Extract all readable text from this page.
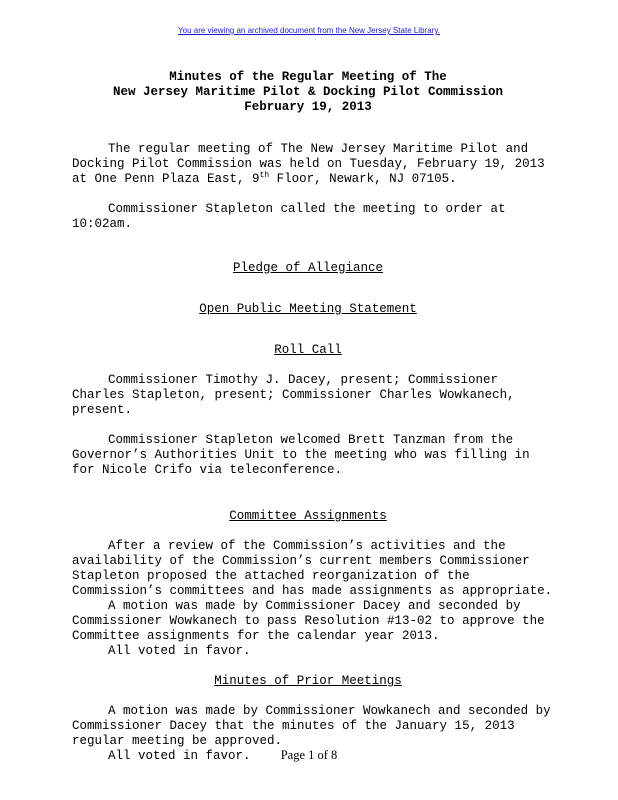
You are viewing an archived document from the New Jersey State Library.
Minutes of the Regular Meeting of The
New Jersey Maritime Pilot & Docking Pilot Commission
February 19, 2013
The regular meeting of The New Jersey Maritime Pilot and
Docking Pilot Commission was held on Tuesday, February 19, 2013
at One Penn Plaza East, 9th Floor, Newark, NJ 07105.
Commissioner Stapleton called the meeting to order at
10:02am.
Pledge of Allegiance
Open Public Meeting Statement
Roll Call
Commissioner Timothy J. Dacey, present; Commissioner
Charles Stapleton, present; Commissioner Charles Wowkanech,
present.
Commissioner Stapleton welcomed Brett Tanzman from the
Governor’s Authorities Unit to the meeting who was filling in
for Nicole Crifo via teleconference.
Committee Assignments
After a review of the Commission’s activities and the
availability of the Commission’s current members Commissioner
Stapleton proposed the attached reorganization of the
Commission’s committees and has made assignments as appropriate.
A motion was made by Commissioner Dacey and seconded by
Commissioner Wowkanech to pass Resolution #13-02 to approve the
Committee assignments for the calendar year 2013.
All voted in favor.
Minutes of Prior Meetings
A motion was made by Commissioner Wowkanech and seconded by
Commissioner Dacey that the minutes of the January 15, 2013
regular meeting be approved.
All voted in favor.	Page 1 of 8
